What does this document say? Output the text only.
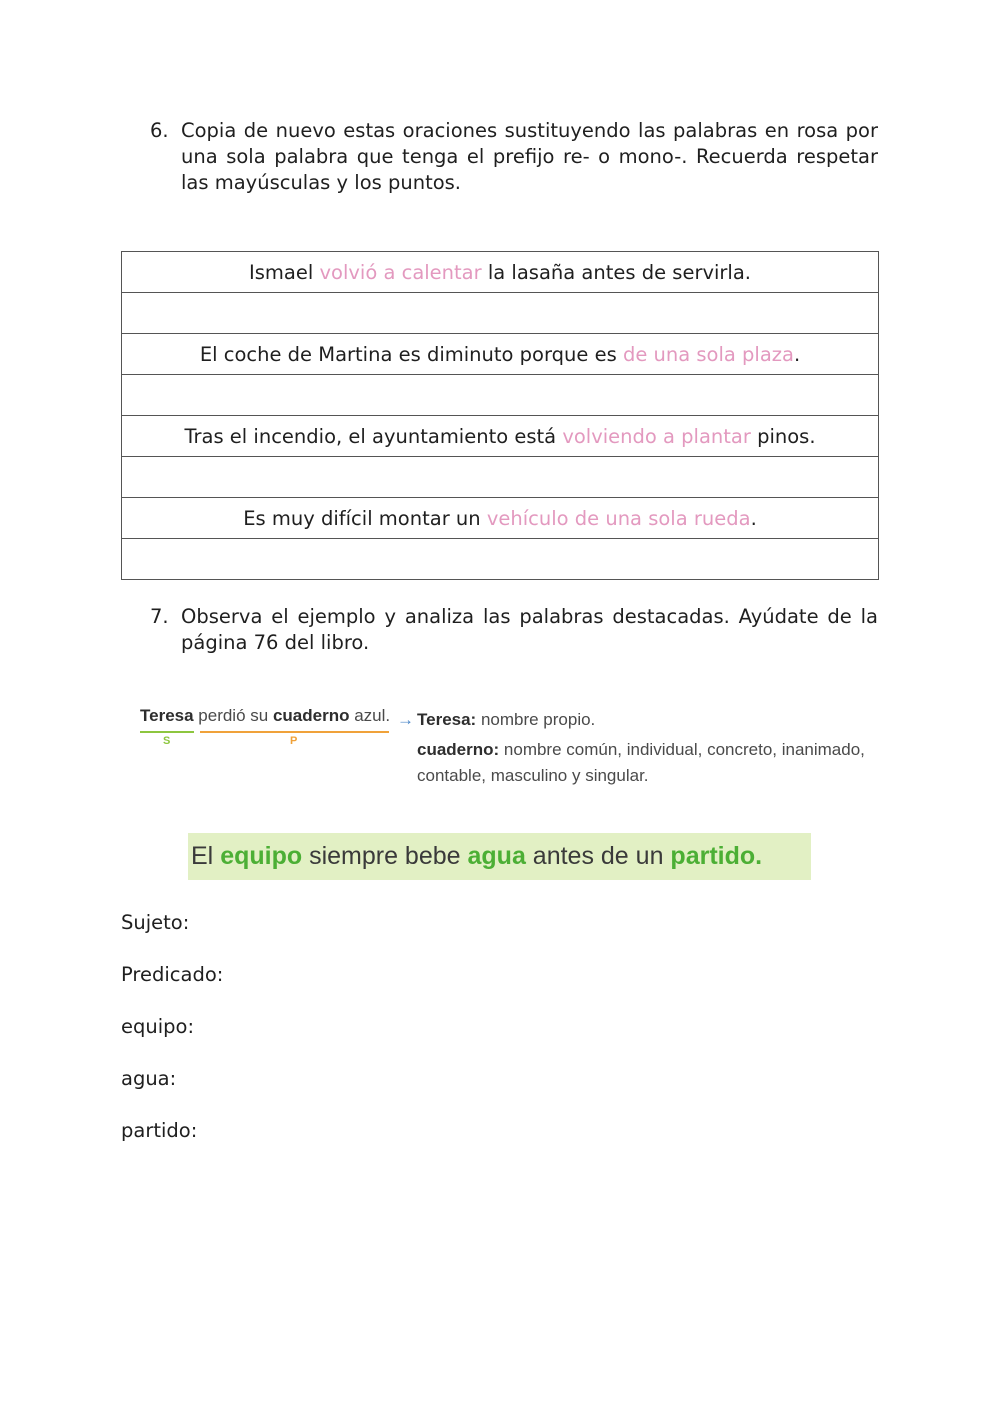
6. Copia de nuevo estas oraciones sustituyendo las palabras en rosa por una sola palabra que tenga el prefijo re- o mono-. Recuerda respetar las mayúsculas y los puntos.
Ismael volvió a calentar la lasaña antes de servirla.

El coche de Martina es diminuto porque es de una sola plaza.

Tras el incendio, el ayuntamiento está volviendo a plantar pinos.

Es muy difícil montar un vehículo de una sola rueda.

7. Observa el ejemplo y analiza las palabras destacadas. Ayúdate de la página 76 del libro.
Teresa perdió su cuaderno azul.
S	P
→ Teresa: nombre propio.
cuaderno: nombre común, individual, concreto, inanimado, contable, masculino y singular.
El equipo siempre bebe agua antes de un partido.
Sujeto:
Predicado:
equipo:
agua:
partido:
